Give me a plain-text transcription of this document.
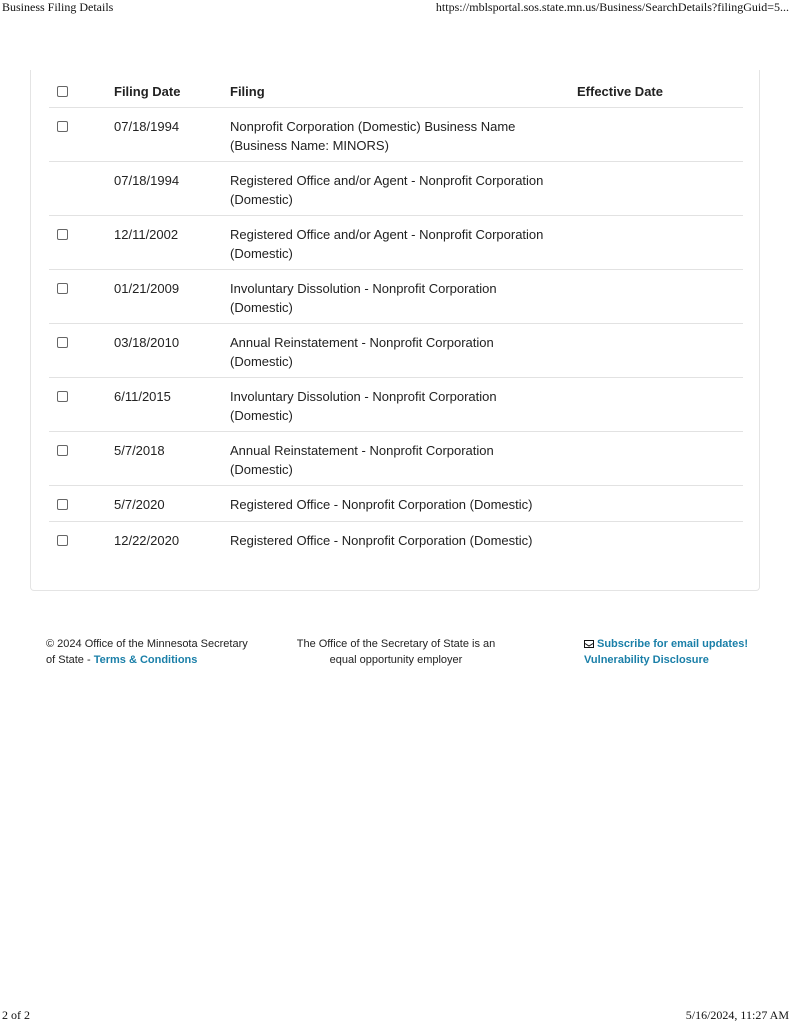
Business Filing Details	https://mblsportal.sos.state.mn.us/Business/SearchDetails?filingGuid=5...
Filing Date	Filing	Effective Date
07/18/1994	Nonprofit Corporation (Domestic) Business Name
(Business Name: MINORS)
07/18/1994	Registered Office and/or Agent - Nonprofit Corporation
(Domestic)
12/11/2002	Registered Office and/or Agent - Nonprofit Corporation
(Domestic)
01/21/2009	Involuntary Dissolution - Nonprofit Corporation
(Domestic)
03/18/2010	Annual Reinstatement - Nonprofit Corporation
(Domestic)
6/11/2015	Involuntary Dissolution - Nonprofit Corporation
(Domestic)
5/7/2018	Annual Reinstatement - Nonprofit Corporation
(Domestic)
5/7/2020	Registered Office - Nonprofit Corporation (Domestic)
12/22/2020	Registered Office - Nonprofit Corporation (Domestic)
© 2024 Office of the Minnesota Secretary
of State - Terms & Conditions
The Office of the Secretary of State is an
equal opportunity employer
Subscribe for email updates!
Vulnerability Disclosure
2 of 2	5/16/2024, 11:27 AM
